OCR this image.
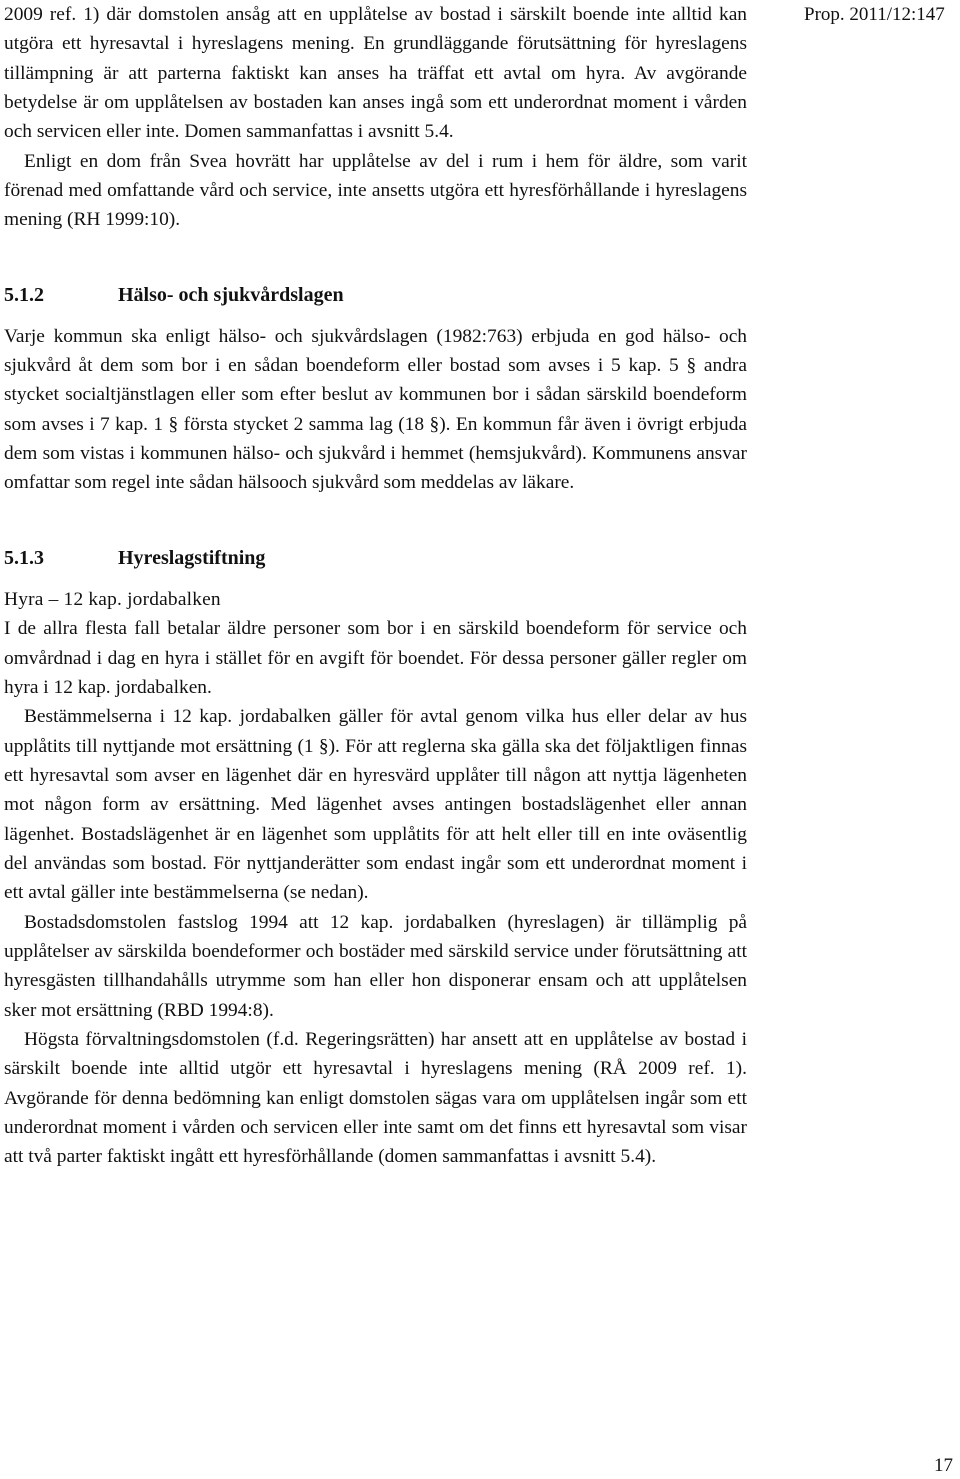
Prop. 2011/12:147

2009 ref. 1) där domstolen ansåg att en upplåtelse av bostad i särskilt boende inte alltid kan utgöra ett hyresavtal i hyreslagens mening. En grundläggande förutsättning för hyreslagens tillämpning är att parterna faktiskt kan anses ha träffat ett avtal om hyra. Av avgörande betydelse är om upplåtelsen av bostaden kan anses ingå som ett underordnat moment i vården och servicen eller inte. Domen sammanfattas i avsnitt 5.4.

Enligt en dom från Svea hovrätt har upplåtelse av del i rum i hem för äldre, som varit förenad med omfattande vård och service, inte ansetts utgöra ett hyresförhållande i hyreslagens mening (RH 1999:10).

5.1.2	Hälso- och sjukvårdslagen

Varje kommun ska enligt hälso- och sjukvårdslagen (1982:763) erbjuda en god hälso- och sjukvård åt dem som bor i en sådan boendeform eller bostad som avses i 5 kap. 5 § andra stycket socialtjänstlagen eller som efter beslut av kommunen bor i sådan särskild boendeform som avses i 7 kap. 1 § första stycket 2 samma lag (18 §). En kommun får även i övrigt erbjuda dem som vistas i kommunen hälso- och sjukvård i hemmet (hemsjukvård). Kommunens ansvar omfattar som regel inte sådan hälsooch sjukvård som meddelas av läkare.

5.1.3	Hyreslagstiftning

Hyra – 12 kap. jordabalken

I de allra flesta fall betalar äldre personer som bor i en särskild boendeform för service och omvårdnad i dag en hyra i stället för en avgift för boendet. För dessa personer gäller regler om hyra i 12 kap. jordabalken.

Bestämmelserna i 12 kap. jordabalken gäller för avtal genom vilka hus eller delar av hus upplåtits till nyttjande mot ersättning (1 §). För att reglerna ska gälla ska det följaktligen finnas ett hyresavtal som avser en lägenhet där en hyresvärd upplåter till någon att nyttja lägenheten mot någon form av ersättning. Med lägenhet avses antingen bostadslägenhet eller annan lägenhet. Bostadslägenhet är en lägenhet som upplåtits för att helt eller till en inte oväsentlig del användas som bostad. För nyttjanderätter som endast ingår som ett underordnat moment i ett avtal gäller inte bestämmelserna (se nedan).

Bostadsdomstolen fastslog 1994 att 12 kap. jordabalken (hyreslagen) är tillämplig på upplåtelser av särskilda boendeformer och bostäder med särskild service under förutsättning att hyresgästen tillhandahålls utrymme som han eller hon disponerar ensam och att upplåtelsen sker mot ersättning (RBD 1994:8).

Högsta förvaltningsdomstolen (f.d. Regeringsrätten) har ansett att en upplåtelse av bostad i särskilt boende inte alltid utgör ett hyresavtal i hyreslagens mening (RÅ 2009 ref. 1). Avgörande för denna bedömning kan enligt domstolen sägas vara om upplåtelsen ingår som ett underordnat moment i vården och servicen eller inte samt om det finns ett hyresavtal som visar att två parter faktiskt ingått ett hyresförhållande (domen sammanfattas i avsnitt 5.4).

17
